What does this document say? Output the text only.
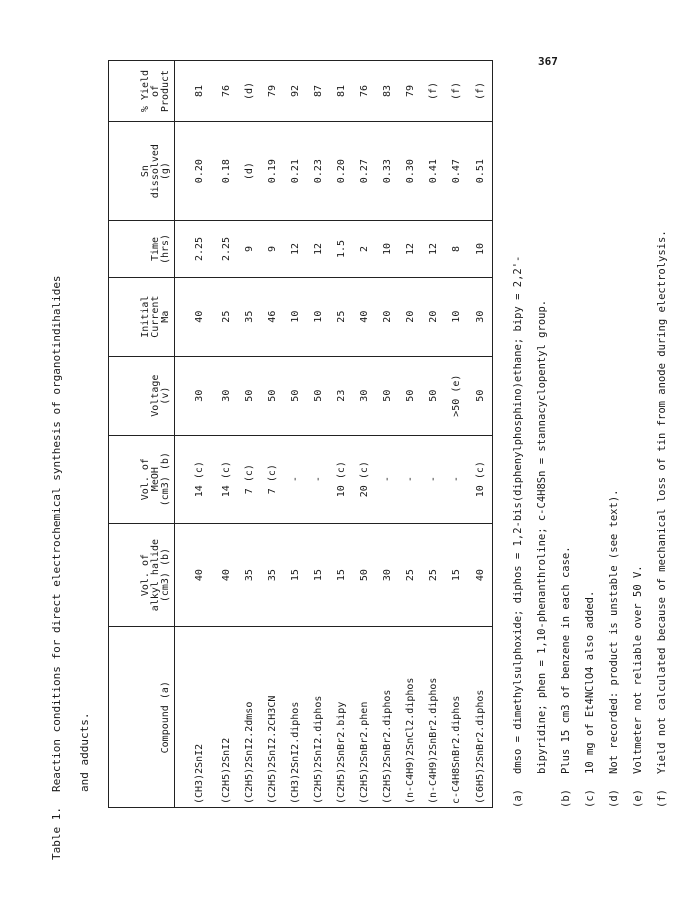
367
Table 1.Reaction conditions for direct electrochemical synthesis of organotindihalides and adducts.	Compound (a)	Vol. of alkyl halide (cm3) (b)	Vol. of MeOH (cm3) (b)	Voltage (v)	Initial Current Ma	Time (hrs)	Sn dissolved (g)	% Yield of Product

(CH3)2SnI2	40	14 (c)	30	40	2.25	0.20	81
(C2H5)2SnI2	40	14 (c)	30	25	2.25	0.18	76
(C2H5)2SnI2.2dmso	35	7 (c)	50	35	9	(d)	(d)
(C2H5)2SnI2.2CH3CN	35	7 (c)	50	46	9	0.19	79
(CH3)2SnI2.diphos	15	-	50	10	12	0.21	92
(C2H5)2SnI2.diphos	15	-	50	10	12	0.23	87
(C2H5)2SnBr2.bipy	15	10 (c)	23	25	1.5	0.20	81
(C2H5)2SnBr2.phen	50	20 (c)	30	40	2	0.27	76
(C2H5)2SnBr2.diphos	30	-	50	20	10	0.33	83
(n-C4H9)2SnCl2.diphos	25	-	50	20	12	0.30	79
(n-C4H9)2SnBr2.diphos	25	-	50	20	12	0.41	(f)
c-C4H8SnBr2.diphos	15	-	>50 (e)	10	8	0.47	(f)
(C6H5)2SnBr2.diphos	40	10 (c)	50	30	10	0.51	(f)
(a)
dmso = dimethylsulphoxide; diphos = 1,2-bis(diphenylphosphino)ethane; bipy = 2,2'- bipyridine; phen = 1,10-phenanthroline; c-C4H8Sn = stannacyclopentyl group.
(b)
Plus 15 cm3 of benzene in each case.
(c)
10 mg of Et4NClO4 also added.
(d)
Not recorded: product is unstable (see text).
(e)
Voltmeter not reliable over 50 V.
(f)
Yield not calculated because of mechanical loss of tin from anode during electrolysis.
